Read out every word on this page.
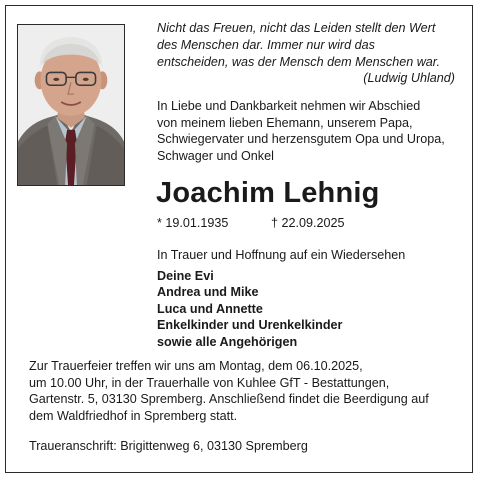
Nicht das Freuen, nicht das Leiden stellt den Wert
des Menschen dar. Immer nur wird das
entscheiden, was der Mensch dem Menschen war.
(Ludwig Uhland)
In Liebe und Dankbarkeit nehmen wir Abschied
von meinem lieben Ehemann, unserem Papa,
Schwiegervater und herzensgutem Opa und Uropa,
Schwager und Onkel
Joachim Lehnig
* 19.01.1935	† 22.09.2025
In Trauer und Hoffnung auf ein Wiedersehen
Deine Evi
Andrea und Mike
Luca und Annette
Enkelkinder und Urenkelkinder
sowie alle Angehörigen
Zur Trauerfeier treffen wir uns am Montag, dem 06.10.2025,
um 10.00 Uhr, in der Trauerhalle von Kuhlee GfT - Bestattungen,
Gartenstr. 5, 03130 Spremberg. Anschließend findet die Beerdigung auf
dem Waldfriedhof in Spremberg statt.
Traueranschrift: Brigittenweg 6, 03130 Spremberg
